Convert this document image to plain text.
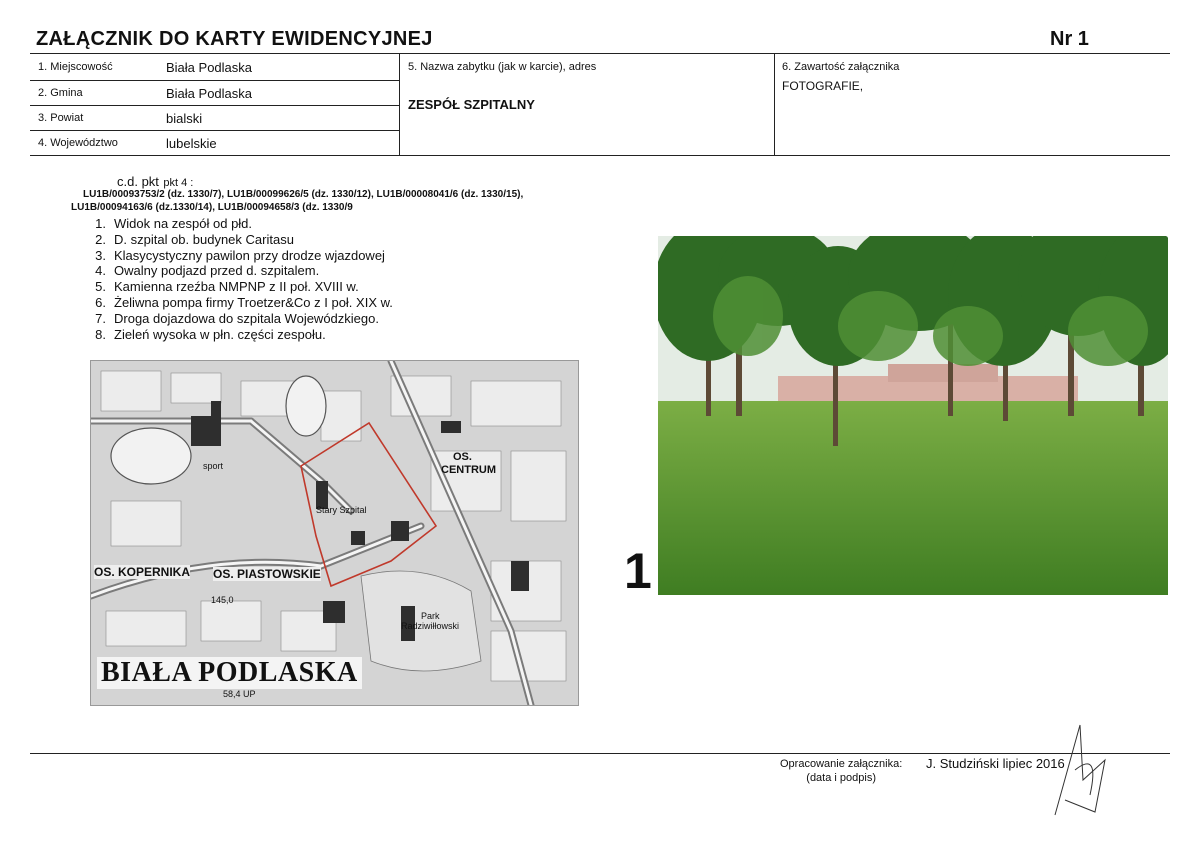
ZAŁĄCZNIK DO KARTY EWIDENCYJNEJ	Nr 1
1. Miejscowość	Biała Podlaska
2. Gmina	Biała Podlaska
3. Powiat	bialski
4. Województwo	lubelskie
5. Nazwa zabytku (jak w karcie), adres
ZESPÓŁ SZPITALNY
6. Zawartość załącznika
FOTOGRAFIE,
c.d. pkt pkt 4 :
LU1B/00093753/2 (dz. 1330/7), LU1B/00099626/5 (dz. 1330/12), LU1B/00008041/6 (dz. 1330/15),
LU1B/00094163/6 (dz.1330/14), LU1B/00094658/3 (dz. 1330/9
1. Widok na zespół od płd.
2. D. szpital ob. budynek Caritasu
3. Klasycystyczny pawilon przy drodze wjazdowej
4. Owalny podjazd przed d. szpitalem.
5. Kamienna rzeźba NMPNP z II poł. XVIII w.
6. Żeliwna pompa firmy Troetzer&Co z I poł. XIX w.
7. Droga dojazdowa do szpitala Wojewódzkiego.
8. Zieleń wysoka w płn. części zespołu.
OS. KOPERNIKA OS. PIASTOWSKIE
OS.
CENTRUM
Stary Szpital
sport
Park
Radziwiłłowski
145,0
58,4 UP
BIAŁA PODLASKA
1
Opracowanie załącznika:
(data i podpis)
J. Studziński lipiec 2016
